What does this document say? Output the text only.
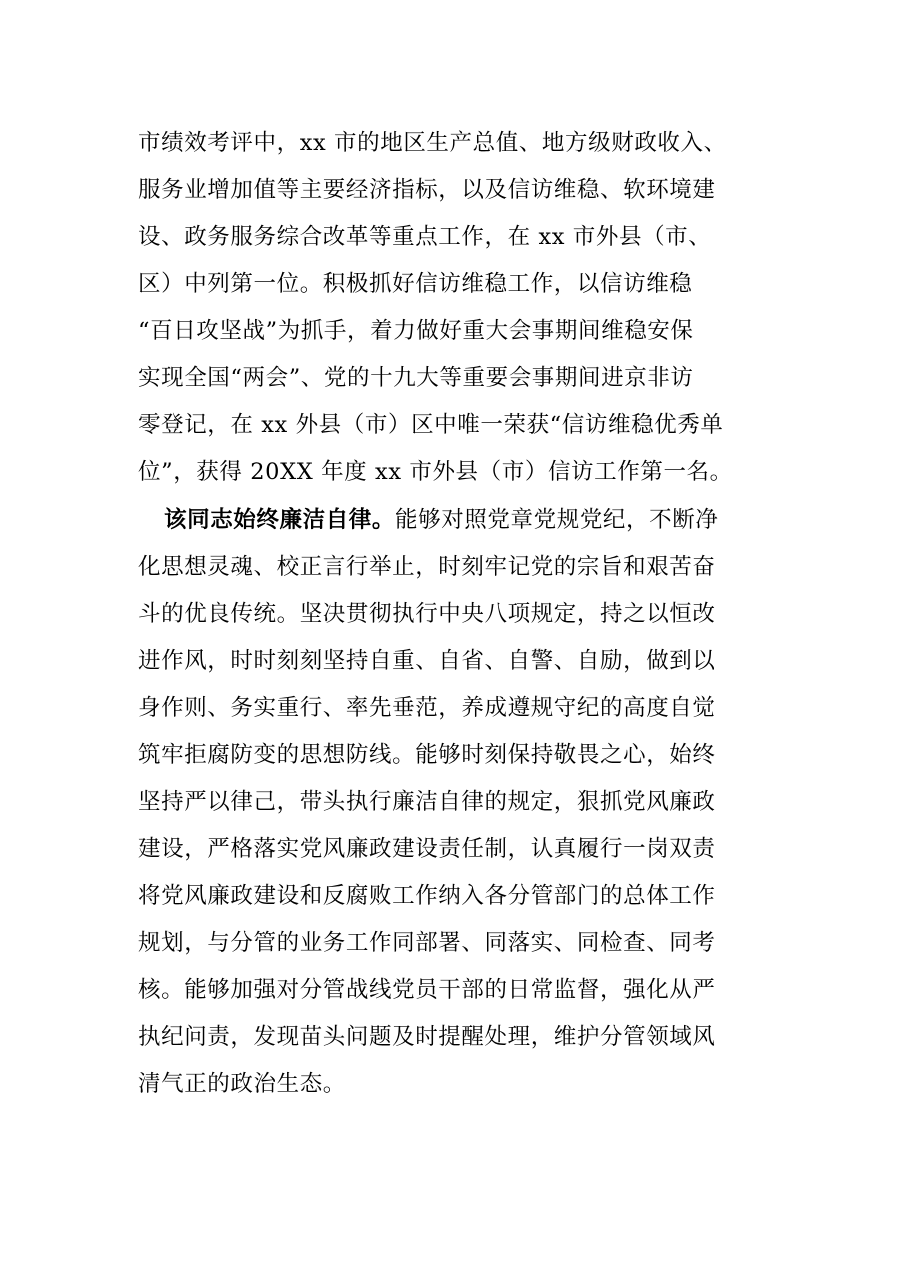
市绩效考评中，xx 市的地区生产总值、地方级财政收入、
服务业增加值等主要经济指标，以及信访维稳、软环境建
设、政务服务综合改革等重点工作，在 xx 市外县（市、
区）中列第一位。积极抓好信访维稳工作，以信访维稳
“百日攻坚战”为抓手，着力做好重大会事期间维稳安保
实现全国“两会”、党的十九大等重要会事期间进京非访
零登记，在 xx 外县（市）区中唯一荣获“信访维稳优秀单
位”，获得 20XX 年度 xx 市外县（市）信访工作第一名。
该同志始终廉洁自律。能够对照党章党规党纪，不断净
化思想灵魂、校正言行举止，时刻牢记党的宗旨和艰苦奋
斗的优良传统。坚决贯彻执行中央八项规定，持之以恒改
进作风，时时刻刻坚持自重、自省、自警、自励，做到以
身作则、务实重行、率先垂范，养成遵规守纪的高度自觉
筑牢拒腐防变的思想防线。能够时刻保持敬畏之心，始终
坚持严以律己，带头执行廉洁自律的规定，狠抓党风廉政
建设，严格落实党风廉政建设责任制，认真履行一岗双责
将党风廉政建设和反腐败工作纳入各分管部门的总体工作
规划，与分管的业务工作同部署、同落实、同检查、同考
核。能够加强对分管战线党员干部的日常监督，强化从严
执纪问责，发现苗头问题及时提醒处理，维护分管领域风
清气正的政治生态。
